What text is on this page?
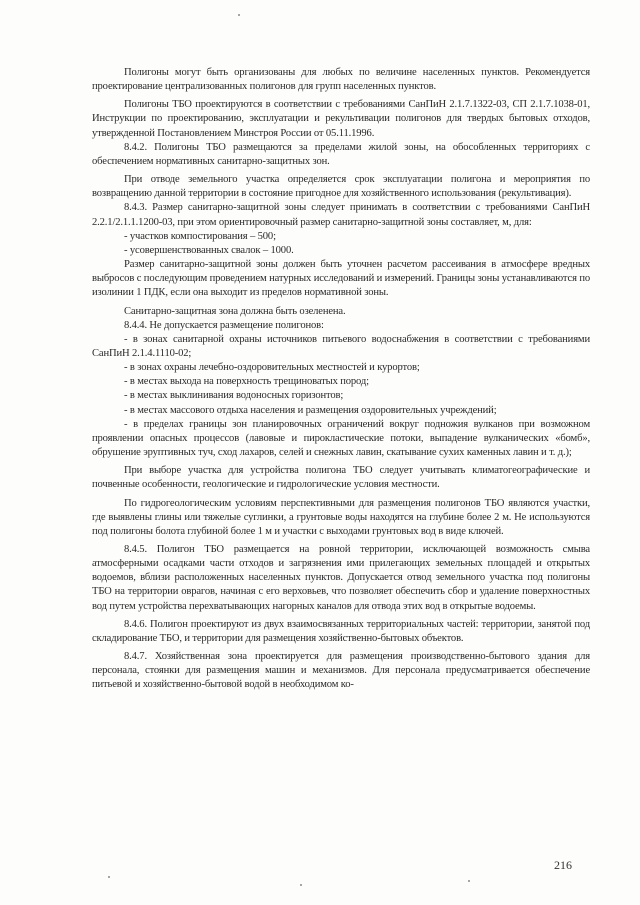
Полигоны могут быть организованы для любых по величине населенных пунктов. Рекомендуется проектирование централизованных полигонов для групп населенных пунктов.

Полигоны ТБО проектируются в соответствии с требованиями СанПиН 2.1.7.1322-03, СП 2.1.7.1038-01, Инструкции по проектированию, эксплуатации и рекультивации полигонов для твердых бытовых отходов, утвержденной Постановлением Минстроя России от 05.11.1996.

8.4.2. Полигоны ТБО размещаются за пределами жилой зоны, на обособленных территориях с обеспечением нормативных санитарно-защитных зон.

При отводе земельного участка определяется срок эксплуатации полигона и мероприятия по возвращению данной территории в состояние пригодное для хозяйственного использования (рекультивация).

8.4.3. Размер санитарно-защитной зоны следует принимать в соответствии с требованиями СанПиН 2.2.1/2.1.1.1200-03, при этом ориентировочный размер санитарно-защитной зоны составляет, м, для:

- участков компостирования – 500;

- усовершенствованных свалок – 1000.

Размер санитарно-защитной зоны должен быть уточнен расчетом рассеивания в атмосфере вредных выбросов с последующим проведением натурных исследований и измерений. Границы зоны устанавливаются по изолинии 1 ПДК, если она выходит из пределов нормативной зоны.

Санитарно-защитная зона должна быть озеленена.

8.4.4. Не допускается размещение полигонов:

- в зонах санитарной охраны источников питьевого водоснабжения в соответствии с требованиями СанПиН 2.1.4.1110-02;

- в зонах охраны лечебно-оздоровительных местностей и курортов;

- в местах выхода на поверхность трещиноватых пород;

- в местах выклинивания водоносных горизонтов;

- в местах массового отдыха населения и размещения оздоровительных учреждений;

- в пределах границы зон планировочных ограничений вокруг подножия вулканов при возможном проявлении опасных процессов (лавовые и пирокластические потоки, выпадение вулканических «бомб», обрушение эруптивных туч, сход лахаров, селей и снежных лавин, скатывание сухих каменных лавин и т. д.);

При выборе участка для устройства полигона ТБО следует учитывать климатогеографические и почвенные особенности, геологические и гидрологические условия местности.

По гидрогеологическим условиям перспективными для размещения полигонов ТБО являются участки, где выявлены глины или тяжелые суглинки, а грунтовые воды находятся на глубине более 2 м. Не используются под полигоны болота глубиной более 1 м и участки с выходами грунтовых вод в виде ключей.

8.4.5. Полигон ТБО размещается на ровной территории, исключающей возможность смыва атмосферными осадками части отходов и загрязнения ими прилегающих земельных площадей и открытых водоемов, вблизи расположенных населенных пунктов. Допускается отвод земельного участка под полигоны ТБО на территории оврагов, начиная с его верховьев, что позволяет обеспечить сбор и удаление поверхностных вод путем устройства перехватывающих нагорных каналов для отвода этих вод в открытые водоемы.

8.4.6. Полигон проектируют из двух взаимосвязанных территориальных частей: территории, занятой под складирование ТБО, и территории для размещения хозяйственно-бытовых объектов.

8.4.7. Хозяйственная зона проектируется для размещения производственно-бытового здания для персонала, стоянки для размещения машин и механизмов. Для персонала предусматривается обеспечение питьевой и хозяйственно-бытовой водой в необходимом ко-

216
